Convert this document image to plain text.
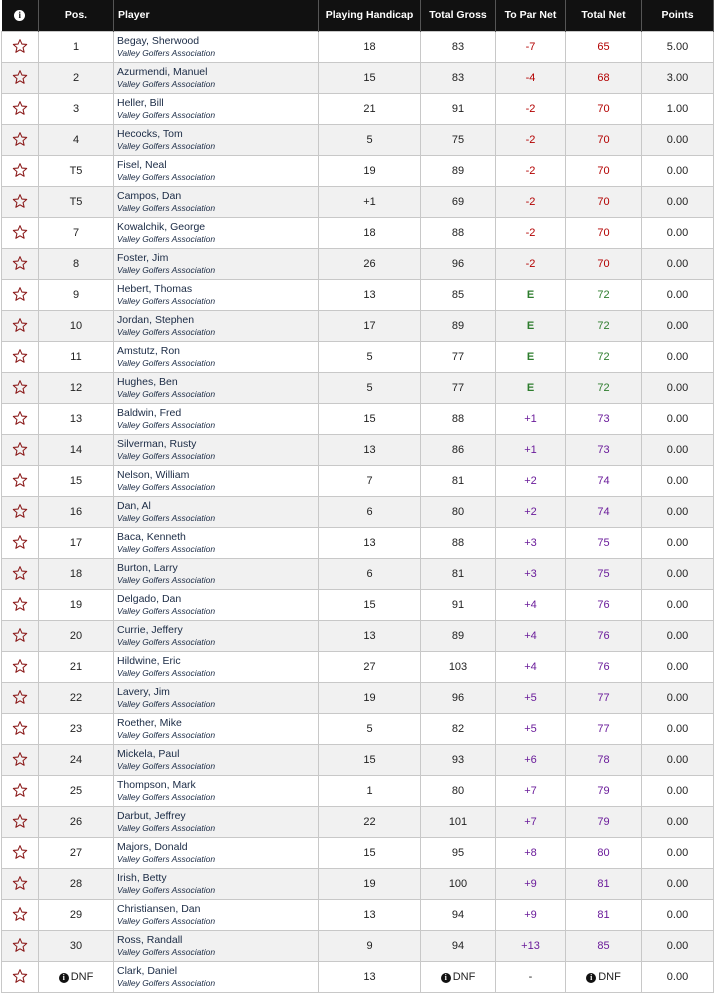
i	Pos.	Player	Playing Handicap	Total Gross	To Par Net	Total Net	Points

	1	Begay, Sherwood
Valley Golfers Association	18	83	-7	65	5.00

	2	Azurmendi, Manuel
Valley Golfers Association	15	83	-4	68	3.00

	3	Heller, Bill
Valley Golfers Association	21	91	-2	70	1.00

	4	Hecocks, Tom
Valley Golfers Association	5	75	-2	70	0.00

	T5	Fisel, Neal
Valley Golfers Association	19	89	-2	70	0.00

	T5	Campos, Dan
Valley Golfers Association	+1	69	-2	70	0.00

	7	Kowalchik, George
Valley Golfers Association	18	88	-2	70	0.00

	8	Foster, Jim
Valley Golfers Association	26	96	-2	70	0.00

	9	Hebert, Thomas
Valley Golfers Association	13	85	E	72	0.00

	10	Jordan, Stephen
Valley Golfers Association	17	89	E	72	0.00

	11	Amstutz, Ron
Valley Golfers Association	5	77	E	72	0.00

	12	Hughes, Ben
Valley Golfers Association	5	77	E	72	0.00

	13	Baldwin, Fred
Valley Golfers Association	15	88	+1	73	0.00

	14	Silverman, Rusty
Valley Golfers Association	13	86	+1	73	0.00

	15	Nelson, William
Valley Golfers Association	7	81	+2	74	0.00

	16	Dan, Al
Valley Golfers Association	6	80	+2	74	0.00

	17	Baca, Kenneth
Valley Golfers Association	13	88	+3	75	0.00

	18	Burton, Larry
Valley Golfers Association	6	81	+3	75	0.00

	19	Delgado, Dan
Valley Golfers Association	15	91	+4	76	0.00

	20	Currie, Jeffery
Valley Golfers Association	13	89	+4	76	0.00

	21	Hildwine, Eric
Valley Golfers Association	27	103	+4	76	0.00

	22	Lavery, Jim
Valley Golfers Association	19	96	+5	77	0.00

	23	Roether, Mike
Valley Golfers Association	5	82	+5	77	0.00

	24	Mickela, Paul
Valley Golfers Association	15	93	+6	78	0.00

	25	Thompson, Mark
Valley Golfers Association	1	80	+7	79	0.00

	26	Darbut, Jeffrey
Valley Golfers Association	22	101	+7	79	0.00

	27	Majors, Donald
Valley Golfers Association	15	95	+8	80	0.00

	28	Irish, Betty
Valley Golfers Association	19	100	+9	81	0.00

	29	Christiansen, Dan
Valley Golfers Association	13	94	+9	81	0.00

	30	Ross, Randall
Valley Golfers Association	9	94	+13	85	0.00

	i DNF	Clark, Daniel
Valley Golfers Association	13	i DNF	-	i DNF	0.00
